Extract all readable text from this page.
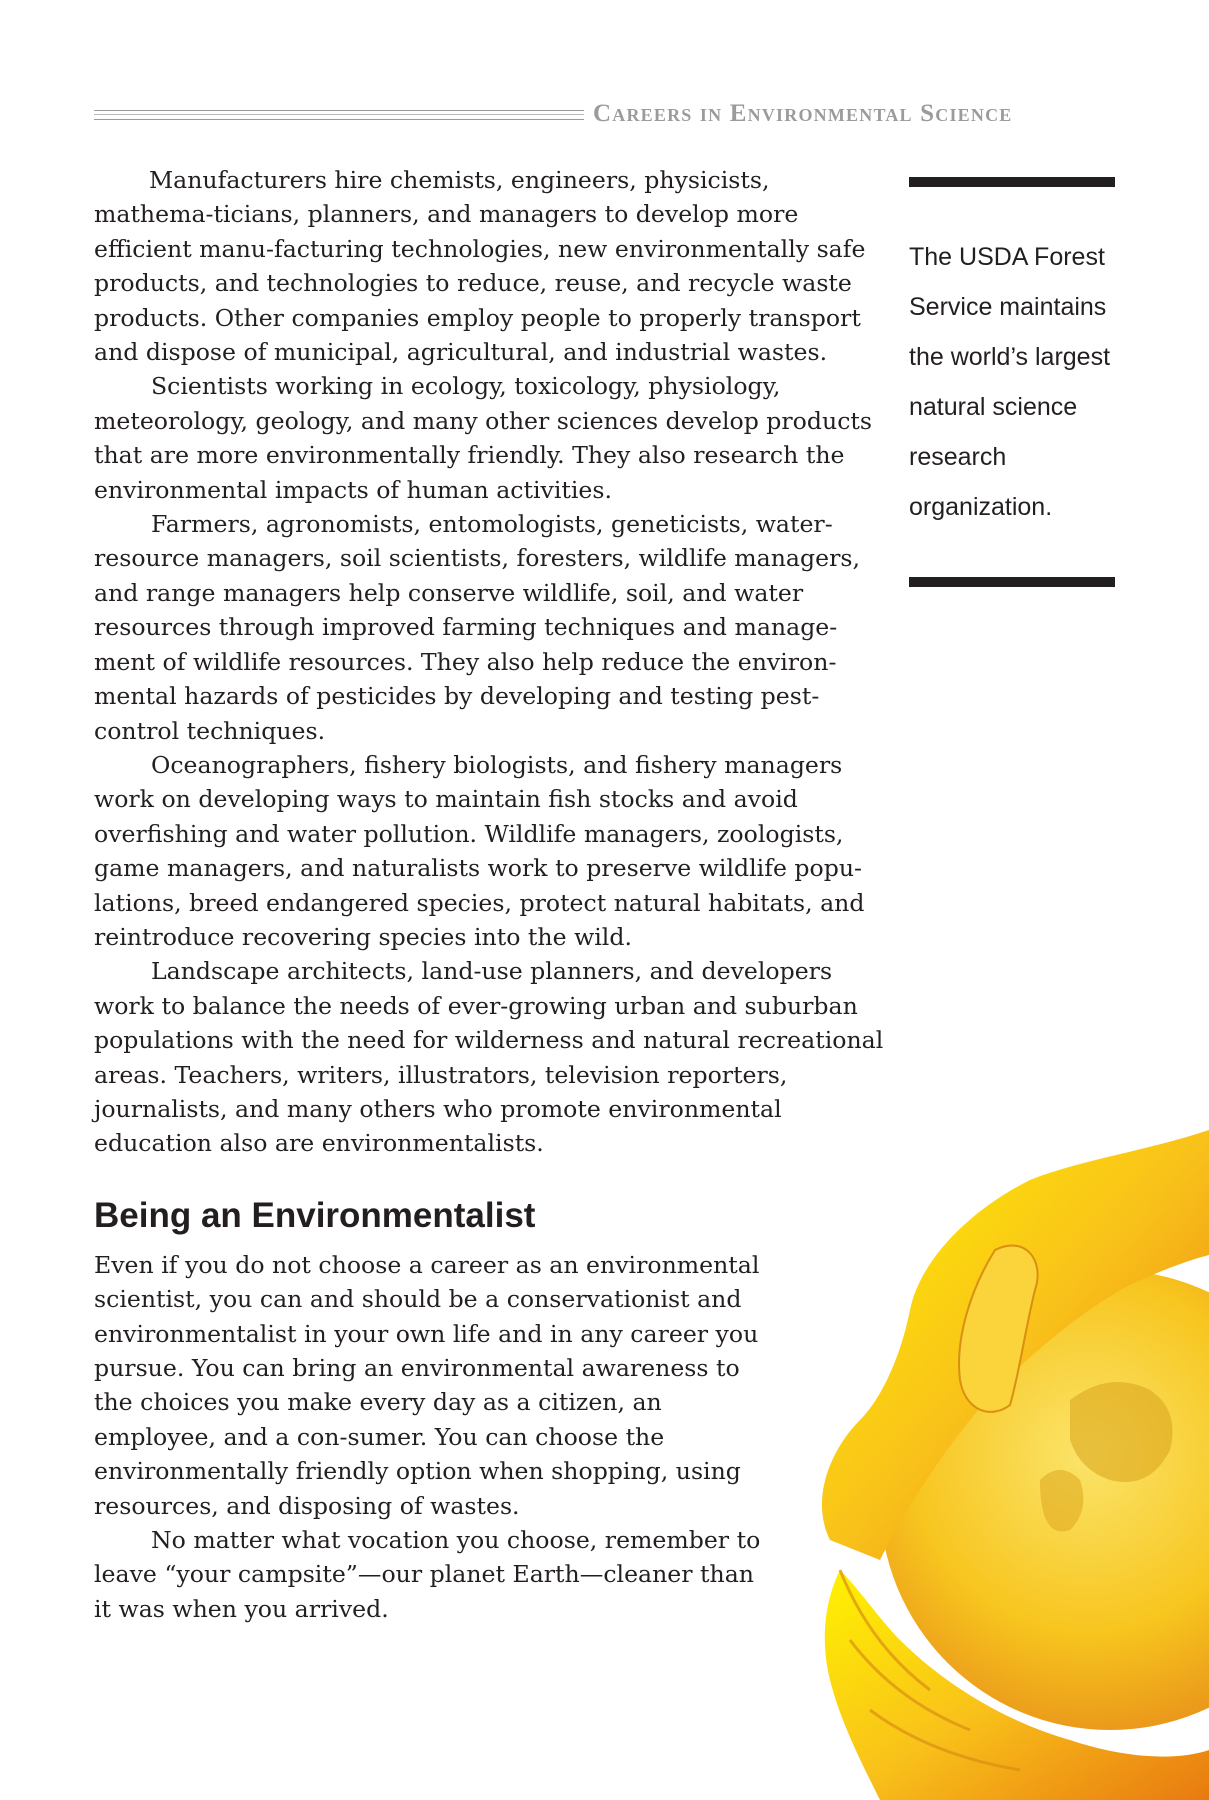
Careers in Environmental Science

Manufacturers hire chemists, engineers, physicists, mathema-ticians, planners, and managers to develop more efficient manu-facturing technologies, new environmentally safe products, and technologies to reduce, reuse, and recycle waste products. Other companies employ people to properly transport and dispose of municipal, agricultural, and industrial wastes.

Scientists working in ecology, toxicology, physiology, meteorology, geology, and many other sciences develop products that are more environmentally friendly. They also research the environmental impacts of human activities.

Farmers, agronomists, entomologists, geneticists, water-resource managers, soil scientists, foresters, wildlife managers, and range managers help conserve wildlife, soil, and water resources through improved farming techniques and manage-ment of wildlife resources. They also help reduce the environ-mental hazards of pesticides by developing and testing pest-control techniques.

Oceanographers, fishery biologists, and fishery managers work on developing ways to maintain fish stocks and avoid overfishing and water pollution. Wildlife managers, zoologists, game managers, and naturalists work to preserve wildlife popu-lations, breed endangered species, protect natural habitats, and reintroduce recovering species into the wild.

Landscape architects, land-use planners, and developers work to balance the needs of ever-growing urban and suburban populations with the need for wilderness and natural recreational areas. Teachers, writers, illustrators, television reporters, journalists, and many others who promote environmental education also are environmentalists.

Being an Environmentalist

Even if you do not choose a career as an environmental scientist, you can and should be a conservationist and environmentalist in your own life and in any career you pursue. You can bring an environmental awareness to the choices you make every day as a citizen, an employee, and a con-sumer. You can choose the environmentally friendly option when shopping, using resources, and disposing of wastes.

No matter what vocation you choose, remember to leave “your campsite”—our planet Earth—cleaner than it was when you arrived.

The USDA Forest Service maintains the world’s largest natural science research organization.
